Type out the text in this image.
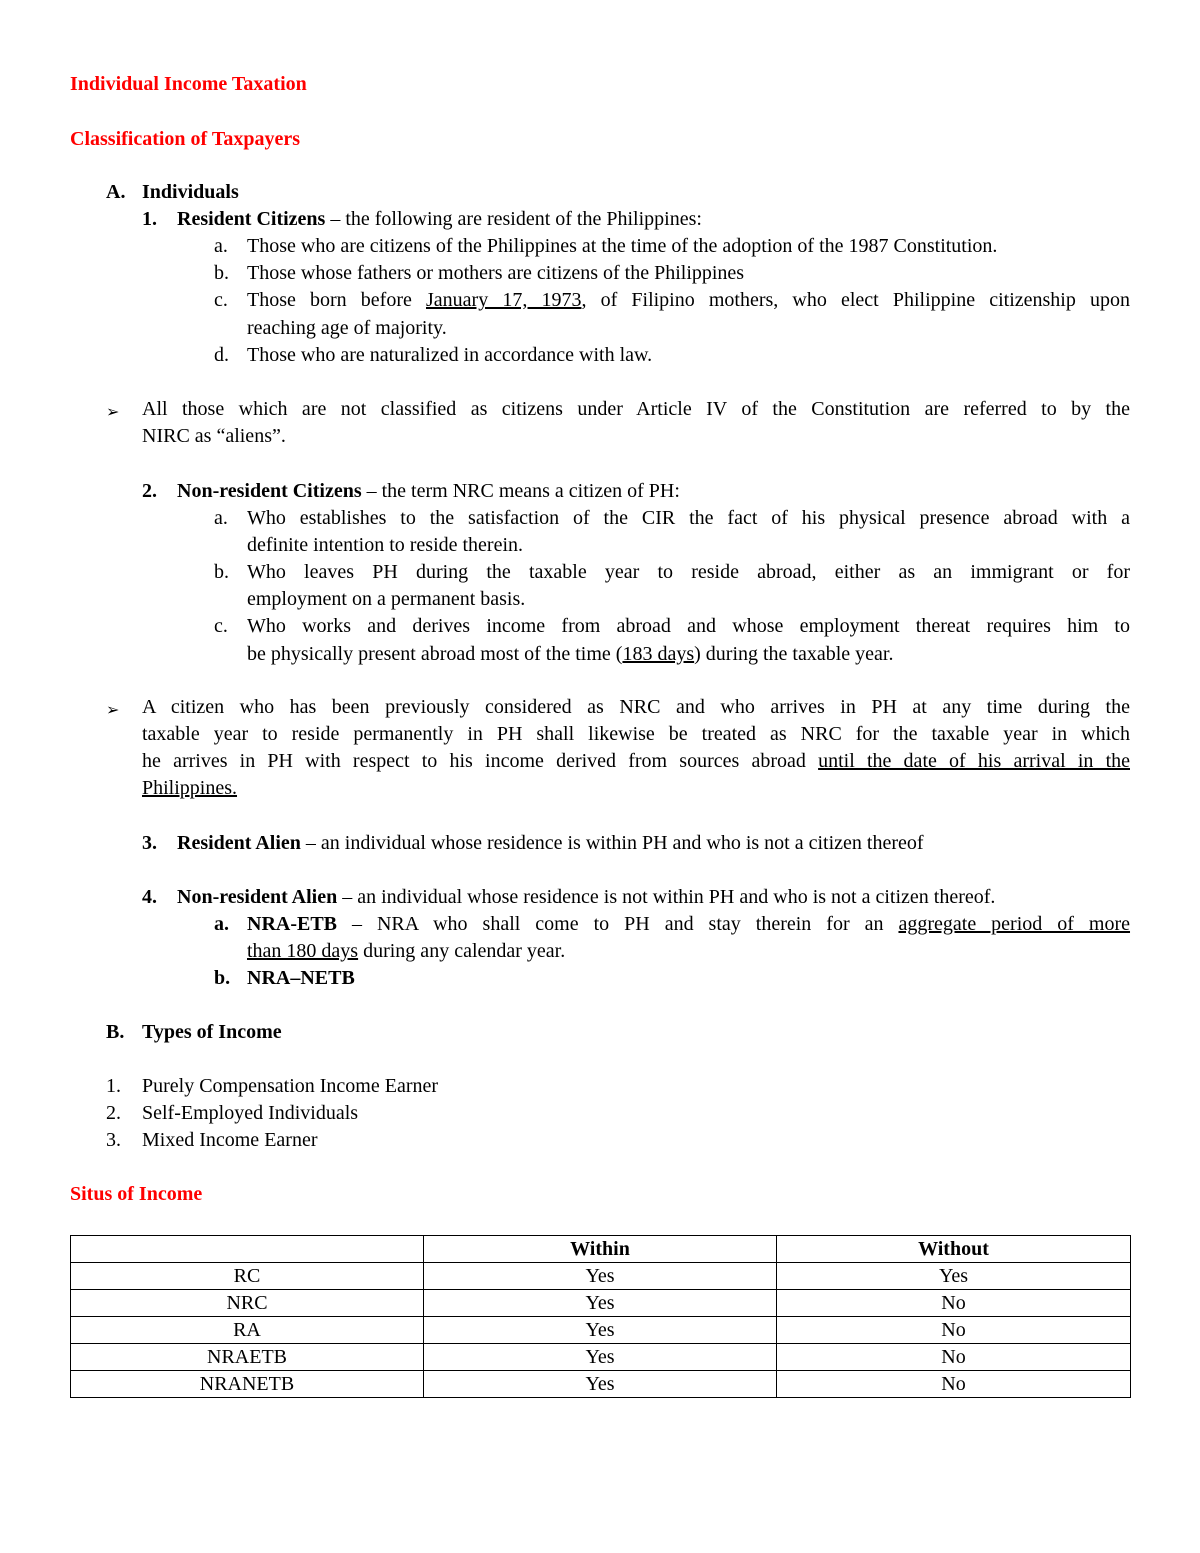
Individual Income Taxation
Classification of Taxpayers
A. Individuals
1. Resident Citizens – the following are resident of the Philippines:
a. Those who are citizens of the Philippines at the time of the adoption of the 1987 Constitution.
b. Those whose fathers or mothers are citizens of the Philippines
c. Those born before January 17, 1973, of Filipino mothers, who elect Philippine citizenship upon
reaching age of majority.
d. Those who are naturalized in accordance with law.
➢ All those which are not classified as citizens under Article IV of the Constitution are referred to by the
NIRC as “aliens”.
2. Non-resident Citizens – the term NRC means a citizen of PH:
a. Who establishes to the satisfaction of the CIR the fact of his physical presence abroad with a
definite intention to reside therein.
b. Who leaves PH during the taxable year to reside abroad, either as an immigrant or for
employment on a permanent basis.
c. Who works and derives income from abroad and whose employment thereat requires him to
be physically present abroad most of the time (183 days) during the taxable year.
➢ A citizen who has been previously considered as NRC and who arrives in PH at any time during the
taxable year to reside permanently in PH shall likewise be treated as NRC for the taxable year in which
he arrives in PH with respect to his income derived from sources abroad until the date of his arrival in the
Philippines.
3. Resident Alien – an individual whose residence is within PH and who is not a citizen thereof
4. Non-resident Alien – an individual whose residence is not within PH and who is not a citizen thereof.
a. NRA-ETB – NRA who shall come to PH and stay therein for an aggregate period of more
than 180 days during any calendar year.
b. NRA–NETB
B. Types of Income
1. Purely Compensation Income Earner
2. Self-Employed Individuals
3. Mixed Income Earner
Situs of Income
	Within	Without
RC	Yes	Yes
NRC	Yes	No
RA	Yes	No
NRAETB	Yes	No
NRANETB	Yes	No
